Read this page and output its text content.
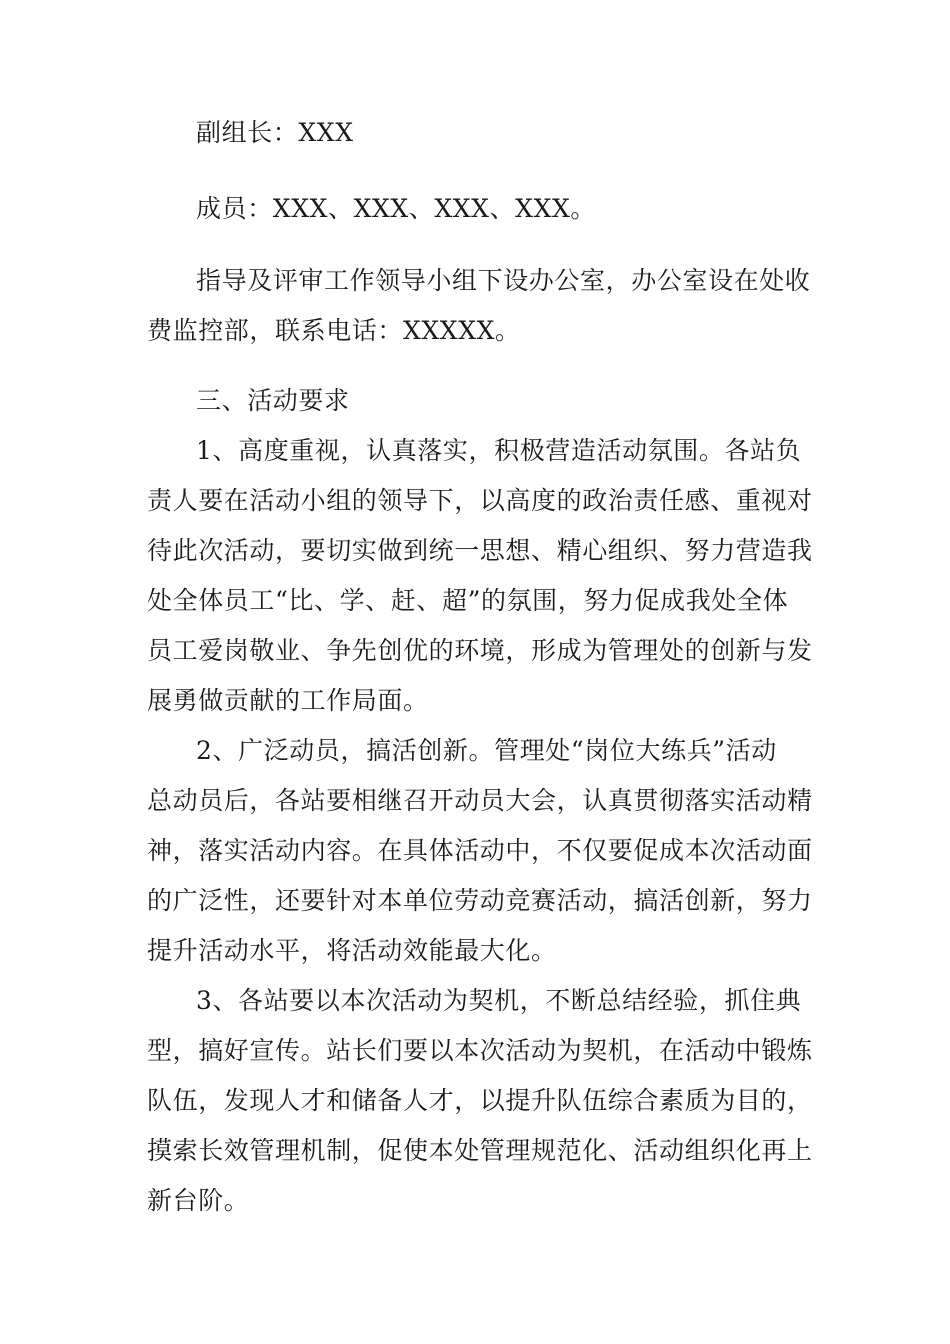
副组长：XXX
成员：XXX、XXX、XXX、XXX。
指导及评审工作领导小组下设办公室，办公室设在处收
费监控部，联系电话：XXXXX。
三、活动要求
1、高度重视，认真落实，积极营造活动氛围。各站负
责人要在活动小组的领导下，以高度的政治责任感、重视对
待此次活动，要切实做到统一思想、精心组织、努力营造我
处全体员工“比、学、赶、超”的氛围，努力促成我处全体
员工爱岗敬业、争先创优的环境，形成为管理处的创新与发
展勇做贡献的工作局面。
2、广泛动员，搞活创新。管理处“岗位大练兵”活动
总动员后，各站要相继召开动员大会，认真贯彻落实活动精
神，落实活动内容。在具体活动中，不仅要促成本次活动面
的广泛性，还要针对本单位劳动竞赛活动，搞活创新，努力
提升活动水平，将活动效能最大化。
3、各站要以本次活动为契机，不断总结经验，抓住典
型，搞好宣传。站长们要以本次活动为契机，在活动中锻炼
队伍，发现人才和储备人才，以提升队伍综合素质为目的，
摸索长效管理机制，促使本处管理规范化、活动组织化再上
新台阶。
